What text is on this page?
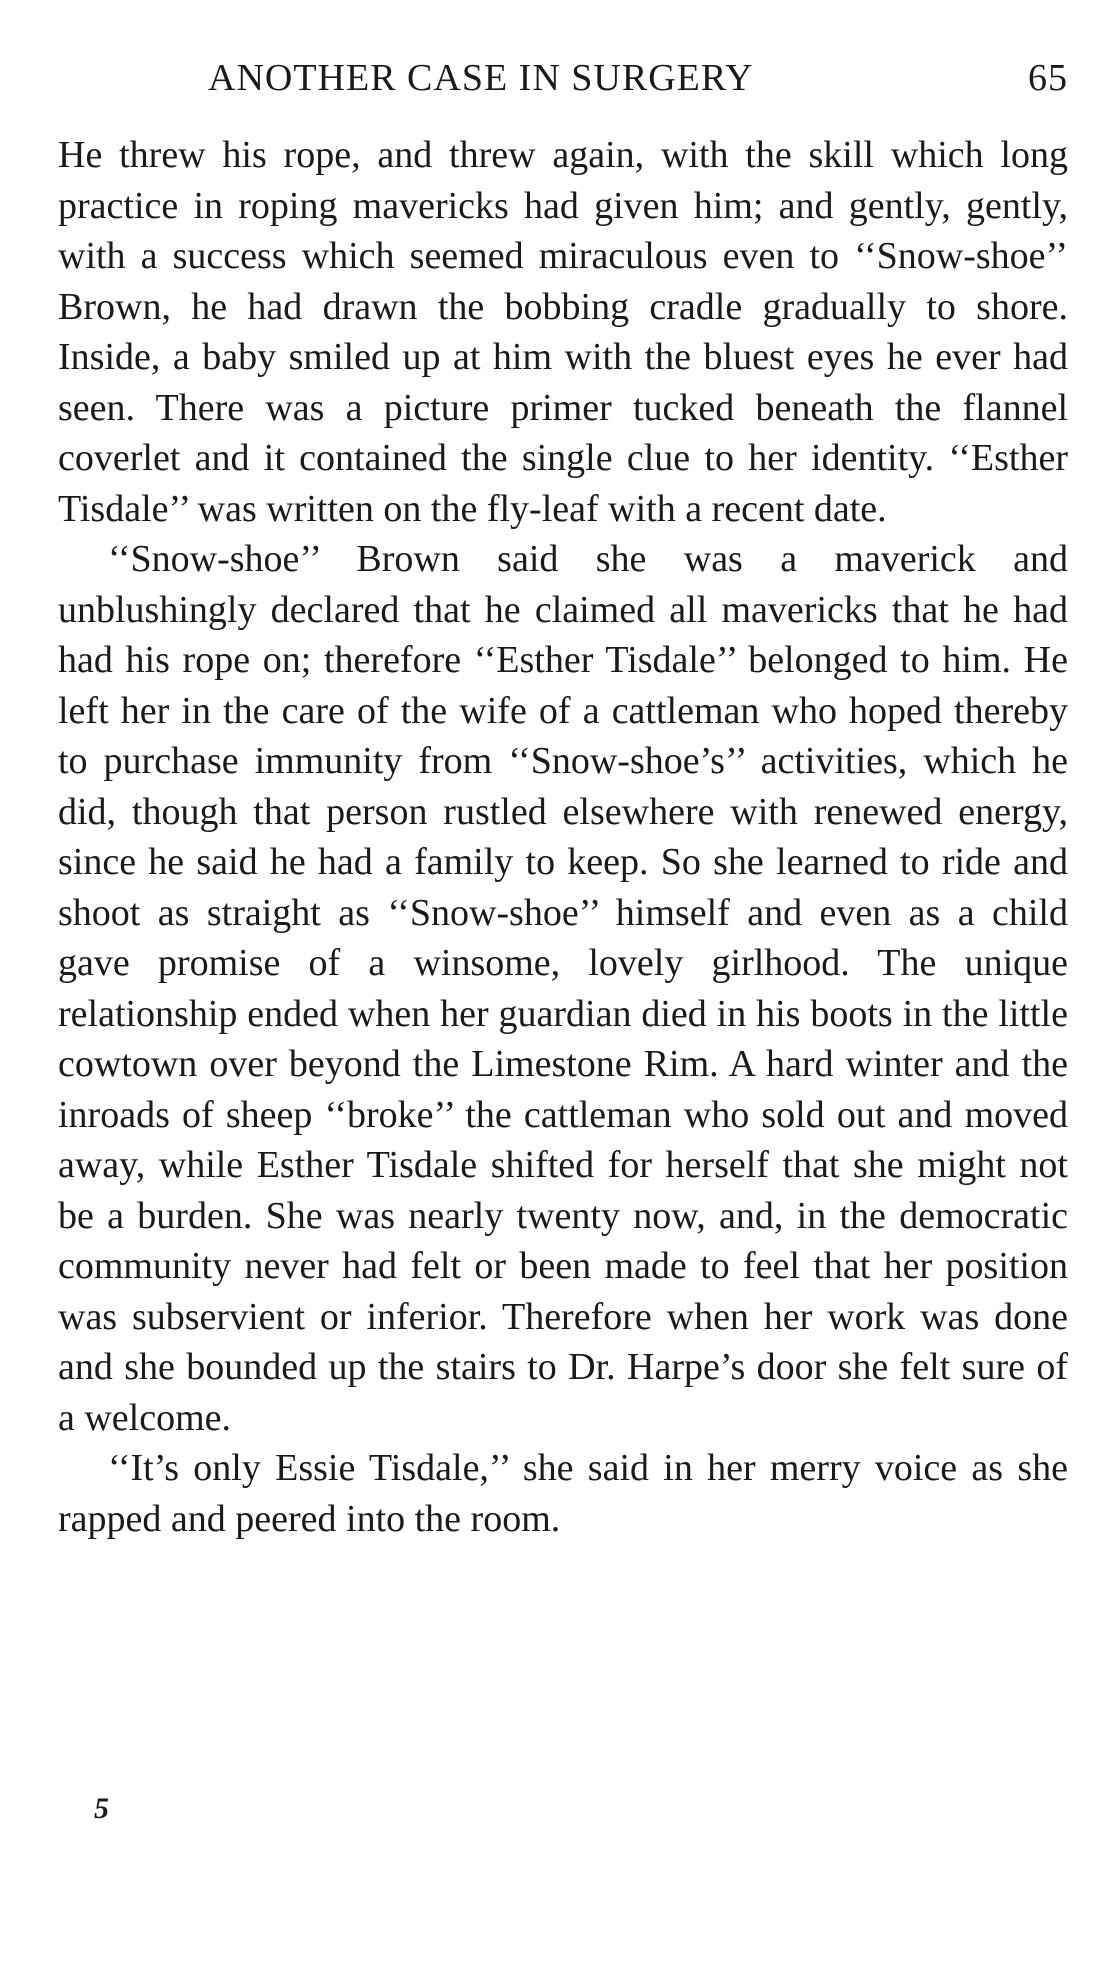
ANOTHER CASE IN SURGERY	65

He threw his rope, and threw again, with the skill which long practice in roping mavericks had given him; and gently, gently, with a success which seemed miraculous even to ‘‘Snow-shoe’’ Brown, he had drawn the bobbing cradle gradually to shore. Inside, a baby smiled up at him with the bluest eyes he ever had seen. There was a picture primer tucked beneath the flannel coverlet and it contained the single clue to her identity. ‘‘Esther Tisdale’’ was written on the fly-leaf with a recent date.

‘‘Snow-shoe’’ Brown said she was a maverick and unblushingly declared that he claimed all mavericks that he had had his rope on; therefore ‘‘Esther Tisdale’’ belonged to him. He left her in the care of the wife of a cattleman who hoped thereby to purchase immunity from ‘‘Snow-shoe’s’’ activities, which he did, though that person rustled elsewhere with renewed energy, since he said he had a family to keep. So she learned to ride and shoot as straight as ‘‘Snow-shoe’’ himself and even as a child gave promise of a winsome, lovely girlhood. The unique relationship ended when her guardian died in his boots in the little cowtown over beyond the Limestone Rim. A hard winter and the inroads of sheep ‘‘broke’’ the cattleman who sold out and moved away, while Esther Tisdale shifted for herself that she might not be a burden. She was nearly twenty now, and, in the democratic community never had felt or been made to feel that her position was subservient or inferior. Therefore when her work was done and she bounded up the stairs to Dr. Harpe’s door she felt sure of a welcome.

‘‘It’s only Essie Tisdale,’’ she said in her merry voice as she rapped and peered into the room.

5
